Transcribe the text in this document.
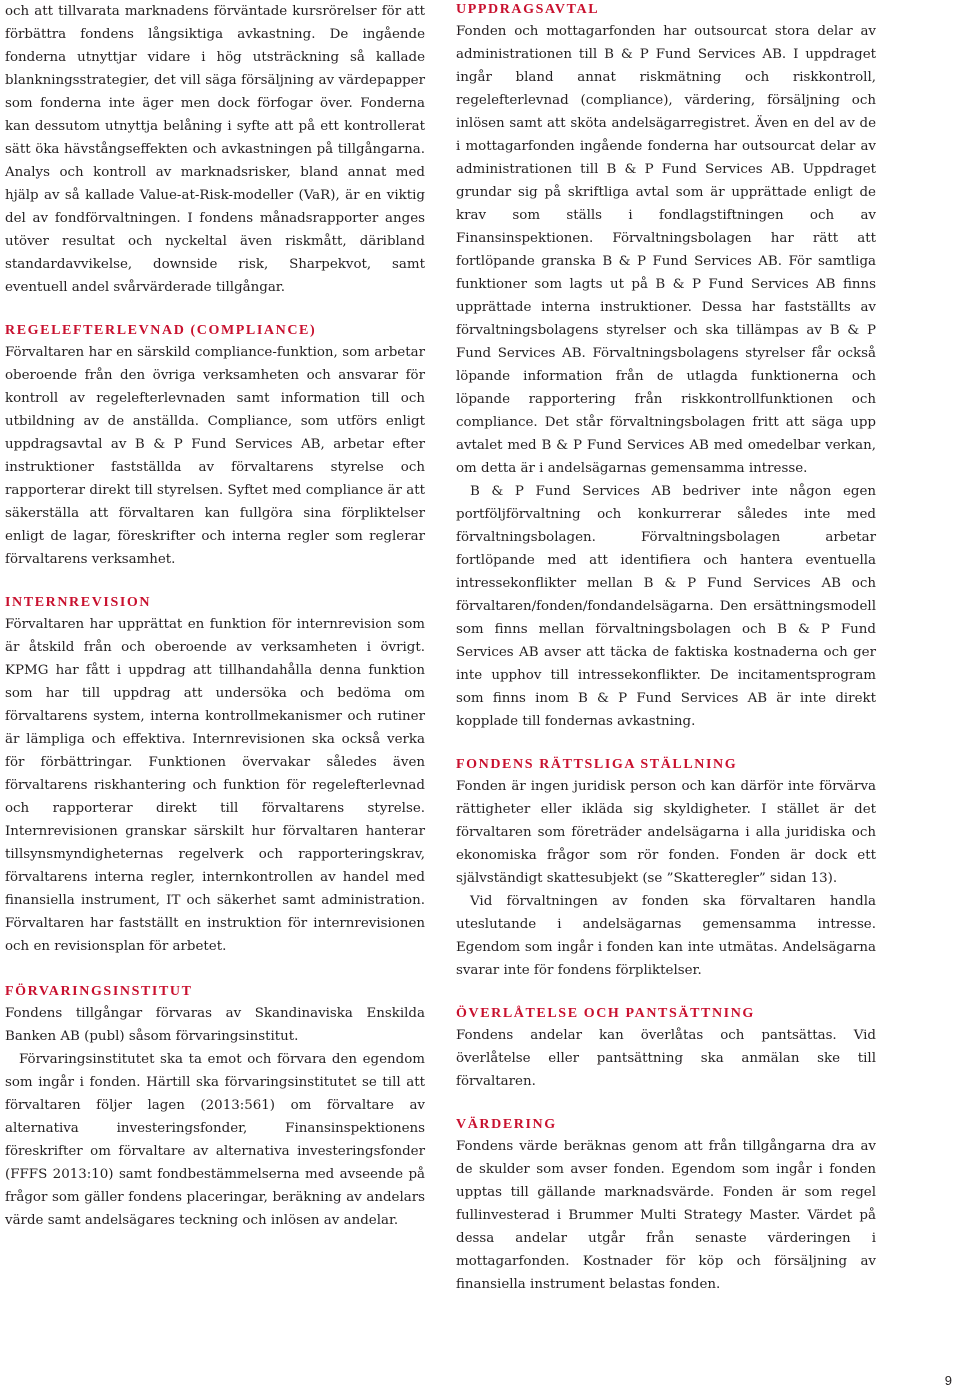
och att tillvarata marknadens förväntade kursrörelser för att förbättra fondens långsiktiga avkastning. De ingående fonderna utnyttjar vidare i hög utsträckning så kallade blankningsstrategier, det vill säga försäljning av värdepapper som fonderna inte äger men dock förfogar över. Fonderna kan dessutom utnyttja belåning i syfte att på ett kontrollerat sätt öka hävstångseffekten och avkastningen på tillgångarna. Analys och kontroll av marknadsrisker, bland annat med hjälp av så kallade Value-at-Risk-modeller (VaR), är en viktig del av fondförvaltningen. I fondens månadsrapporter anges utöver resultat och nyckeltal även riskmått, däribland standardavvikelse, downside risk, Sharpekvot, samt eventuell andel svårvärderade tillgångar.

REGELEFTERLEVNAD (COMPLIANCE)

Förvaltaren har en särskild compliance-funktion, som arbetar oberoende från den övriga verksamheten och ansvarar för kontroll av regelefterlevnaden samt information till och utbildning av de anställda. Compliance, som utförs enligt uppdragsavtal av B & P Fund Services AB, arbetar efter instruktioner fastställda av förvaltarens styrelse och rapporterar direkt till styrelsen. Syftet med compliance är att säkerställa att förvaltaren kan fullgöra sina förpliktelser enligt de lagar, föreskrifter och interna regler som reglerar förvaltarens verksamhet.

INTERNREVISION

Förvaltaren har upprättat en funktion för internrevision som är åtskild från och oberoende av verksamheten i övrigt. KPMG har fått i uppdrag att tillhandahålla denna funktion som har till uppdrag att undersöka och bedöma om förvaltarens system, interna kontrollmekanismer och rutiner är lämpliga och effektiva. Internrevisionen ska också verka för förbättringar. Funktionen övervakar således även förvaltarens riskhantering och funktion för regelefterlevnad och rapporterar direkt till förvaltarens styrelse. Internrevisionen granskar särskilt hur förvaltaren hanterar tillsynsmyndigheternas regelverk och rapporteringskrav, förvaltarens interna regler, internkontrollen av handel med finansiella instrument, IT och säkerhet samt administration. Förvaltaren har fastställt en instruktion för internrevisionen och en revisionsplan för arbetet.

FÖRVARINGSINSTITUT

Fondens tillgångar förvaras av Skandinaviska Enskilda Banken AB (publ) såsom förvaringsinstitut.

Förvaringsinstitutet ska ta emot och förvara den egendom som ingår i fonden. Härtill ska förvaringsinstitutet se till att förvaltaren följer lagen (2013:561) om förvaltare av alternativa investeringsfonder, Finansinspektionens föreskrifter om förvaltare av alternativa investeringsfonder (FFFS 2013:10) samt fondbestämmelserna med avseende på frågor som gäller fondens placeringar, beräkning av andelars värde samt andelsägares teckning och inlösen av andelar.

UPPDRAGSAVTAL

Fonden och mottagarfonden har outsourcat stora delar av administrationen till B & P Fund Services AB. I uppdraget ingår bland annat riskmätning och riskkontroll, regelefterlevnad (compliance), värdering, försäljning och inlösen samt att sköta andelsägarregistret. Även en del av de i mottagarfonden ingående fonderna har outsourcat delar av administrationen till B & P Fund Services AB. Uppdraget grundar sig på skriftliga avtal som är upprättade enligt de krav som ställs i fondlagstiftningen och av Finansinspektionen. Förvaltningsbolagen har rätt att fortlöpande granska B & P Fund Services AB. För samtliga funktioner som lagts ut på B & P Fund Services AB finns upprättade interna instruktioner. Dessa har fastställts av förvaltningsbolagens styrelser och ska tillämpas av B & P Fund Services AB. Förvaltningsbolagens styrelser får också löpande information från de utlagda funktionerna och löpande rapportering från riskkontrollfunktionen och compliance. Det står förvaltningsbolagen fritt att säga upp avtalet med B & P Fund Services AB med omedelbar verkan, om detta är i andelsägarnas gemensamma intresse.

B & P Fund Services AB bedriver inte någon egen portföljförvaltning och konkurrerar således inte med förvaltningsbolagen. Förvaltningsbolagen arbetar fortlöpande med att identifiera och hantera eventuella intressekonflikter mellan B & P Fund Services AB och förvaltaren/fonden/fondandelsägarna. Den ersättningsmodell som finns mellan förvaltningsbolagen och B & P Fund Services AB avser att täcka de faktiska kostnaderna och ger inte upphov till intressekonflikter. De incitamentsprogram som finns inom B & P Fund Services AB är inte direkt kopplade till fondernas avkastning.

FONDENS RÄTTSLIGA STÄLLNING

Fonden är ingen juridisk person och kan därför inte förvärva rättigheter eller ikläda sig skyldigheter. I stället är det förvaltaren som företräder andelsägarna i alla juridiska och ekonomiska frågor som rör fonden. Fonden är dock ett självständigt skattesubjekt (se ”Skatteregler” sidan 13).

Vid förvaltningen av fonden ska förvaltaren handla uteslutande i andelsägarnas gemensamma intresse. Egendom som ingår i fonden kan inte utmätas. Andelsägarna svarar inte för fondens förpliktelser.

ÖVERLÅTELSE OCH PANTSÄTTNING

Fondens andelar kan överlåtas och pantsättas. Vid överlåtelse eller pantsättning ska anmälan ske till förvaltaren.

VÄRDERING

Fondens värde beräknas genom att från tillgångarna dra av de skulder som avser fonden. Egendom som ingår i fonden upptas till gällande marknadsvärde. Fonden är som regel fullinvesterad i Brummer Multi Strategy Master. Värdet på dessa andelar utgår från senaste värderingen i mottagarfonden. Kostnader för köp och försäljning av finansiella instrument belastas fonden.

9
